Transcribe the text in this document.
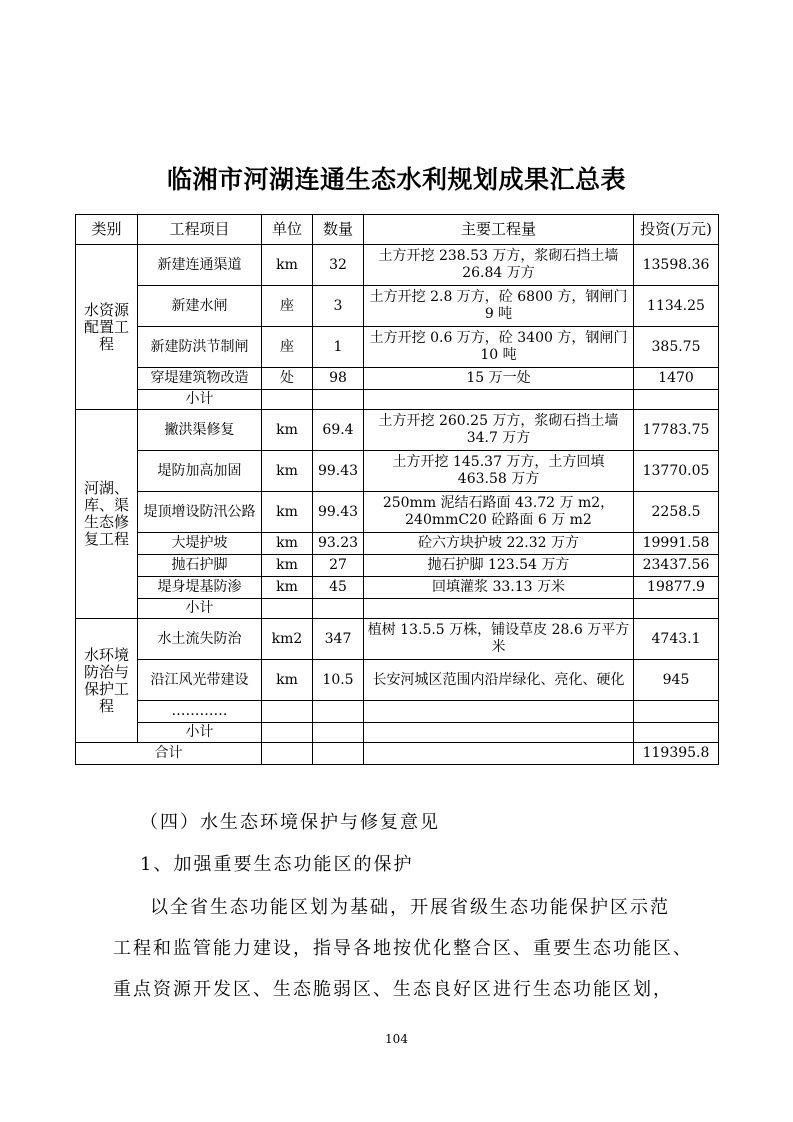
临湘市河湖连通生态水利规划成果汇总表
类别	工程项目	单位	数量	主要工程量	投资(万元)
水资源配置工程	新建连通渠道	km	32	土方开挖 238.53 万方，浆砌石挡土墙 26.84 万方	13598.36
	新建水闸	座	3	土方开挖 2.8 万方，砼 6800 方，钢闸门 9 吨	1134.25
	新建防洪节制闸	座	1	土方开挖 0.6 万方，砼 3400 方，钢闸门 10 吨	385.75
	穿堤建筑物改造	处	98	15 万一处	1470
	小计				
河湖、库、渠生态修复工程	撇洪渠修复	km	69.4	土方开挖 260.25 万方，浆砌石挡土墙 34.7 万方	17783.75
	堤防加高加固	km	99.43	土方开挖 145.37 万方，土方回填 463.58 万方	13770.05
	堤顶增设防汛公路	km	99.43	250mm 泥结石路面 43.72 万 m2，240mmC20 砼路面 6 万 m2	2258.5
	大堤护坡	km	93.23	砼六方块护坡 22.32 万方	19991.58
	抛石护脚	km	27	抛石护脚 123.54 万方	23437.56
	堤身堤基防渗	km	45	回填灌浆 33.13 万米	19877.9
	小计				
水环境防治与保护工程	水土流失防治	km2	347	植树 13.5.5 万株，铺设草皮 28.6 万平方米	4743.1
	沿江风光带建设	km	10.5	长安河城区范围内沿岸绿化、亮化、硬化	945
	…………				
	小计				
合计					119395.8
（四）水生态环境保护与修复意见
1、加强重要生态功能区的保护
以全省生态功能区划为基础，开展省级生态功能保护区示范
工程和监管能力建设，指导各地按优化整合区、重要生态功能区、
重点资源开发区、生态脆弱区、生态良好区进行生态功能区划，
104
